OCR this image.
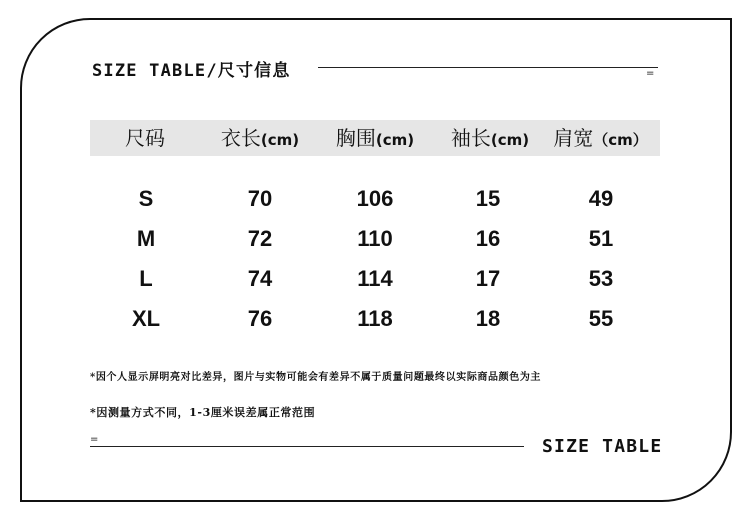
SIZE TABLE/尺寸信息	=
尺码	衣长(cm)	胸围(cm)	袖长(cm)	肩宽（cm）
S	70	106	15	49
M	72	110	16	51
L	74	114	17	53
XL	76	118	18	55
*因个人显示屏明亮对比差异，图片与实物可能会有差异不属于质量问题最终以实际商品颜色为主
*因测量方式不同，1-3厘米误差属正常范围
=	SIZE TABLE
